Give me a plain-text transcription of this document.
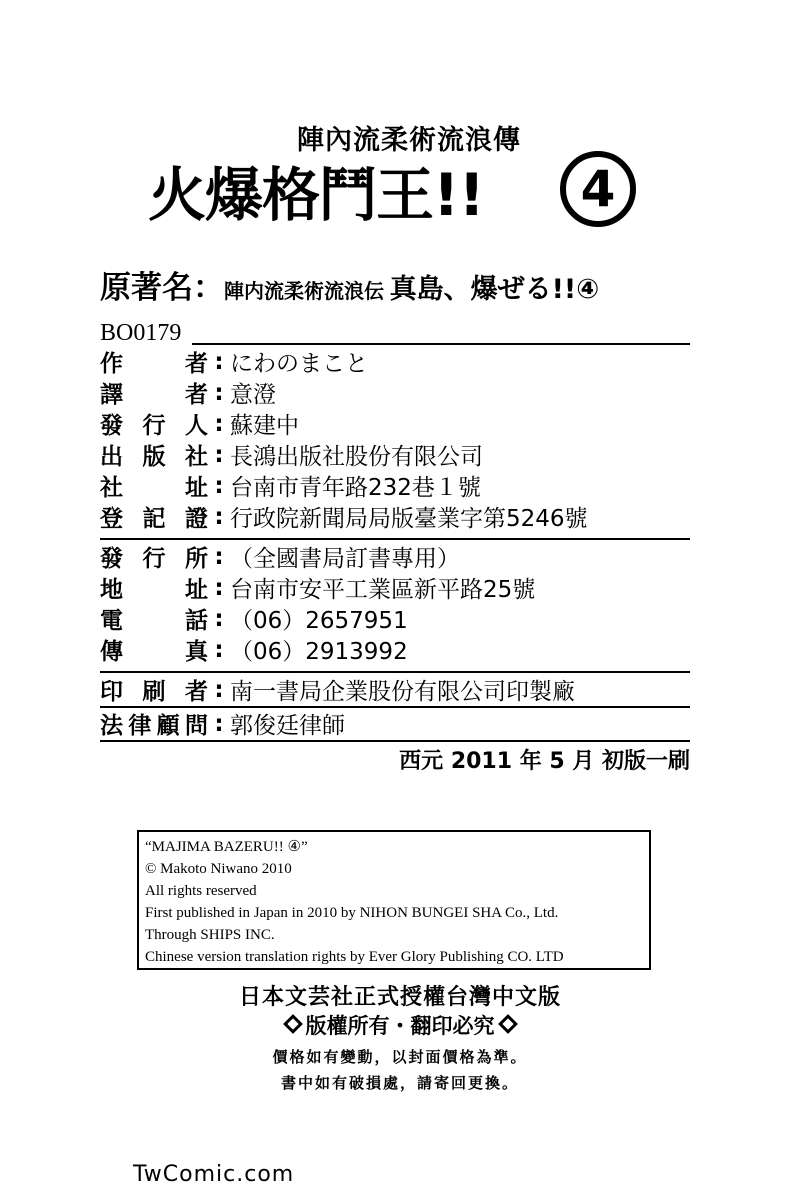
陣內流柔術流浪傳
火爆格鬥王!!	4
原著名：陣内流柔術流浪伝 真島、爆ぜる!!④
BO0179
作者 : にわのまこと
譯者 : 意澄
發行人 : 蘇建中
出版社 : 長鴻出版社股份有限公司
社址 : 台南市青年路232巷１號
登記證 : 行政院新聞局局版臺業字第5246號
發行所 : （全國書局訂書專用）
地址 : 台南市安平工業區新平路25號
電話 : （06）2657951
傳真 : （06）2913992
印刷者 : 南一書局企業股份有限公司印製廠
法律顧問 : 郭俊廷律師
西元 2011 年 5 月 初版一刷
“MAJIMA BAZERU!! ④”
© Makoto Niwano 2010
All rights reserved
First published in Japan in 2010 by NIHON BUNGEI SHA Co., Ltd.
Through SHIPS INC.
Chinese version translation rights by Ever Glory Publishing CO. LTD
日本文芸社正式授權台灣中文版
版權所有・翻印必究
價格如有變動，以封面價格為準。
書中如有破損處，請寄回更換。
TwComic.com
